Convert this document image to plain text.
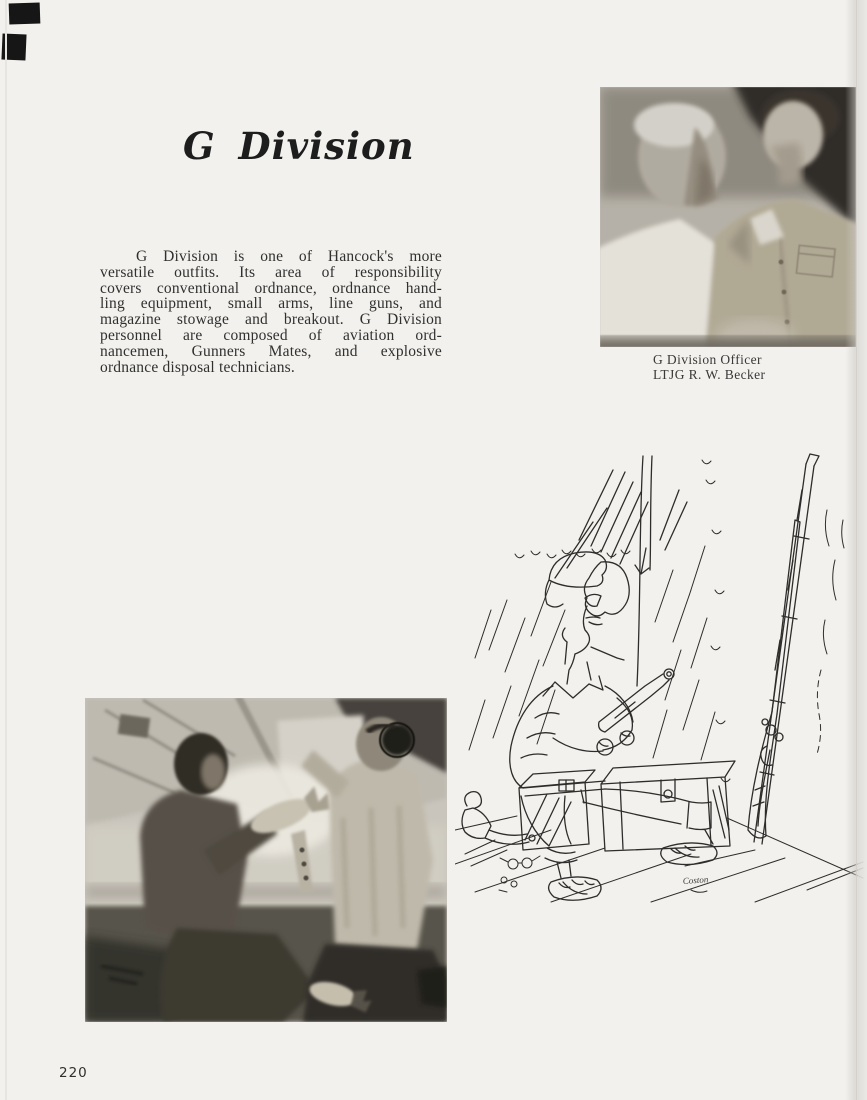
G Division
G Division is one of Hancock's more
versatile outfits. Its area of responsibility
covers conventional ordnance, ordnance hand-
ling equipment, small arms, line guns, and
magazine stowage and breakout. G Division
personnel are composed of aviation ord-
nancemen, Gunners Mates, and explosive
ordnance disposal technicians.	G Division Officer
LTJG R. W. Becker
Coston
220
